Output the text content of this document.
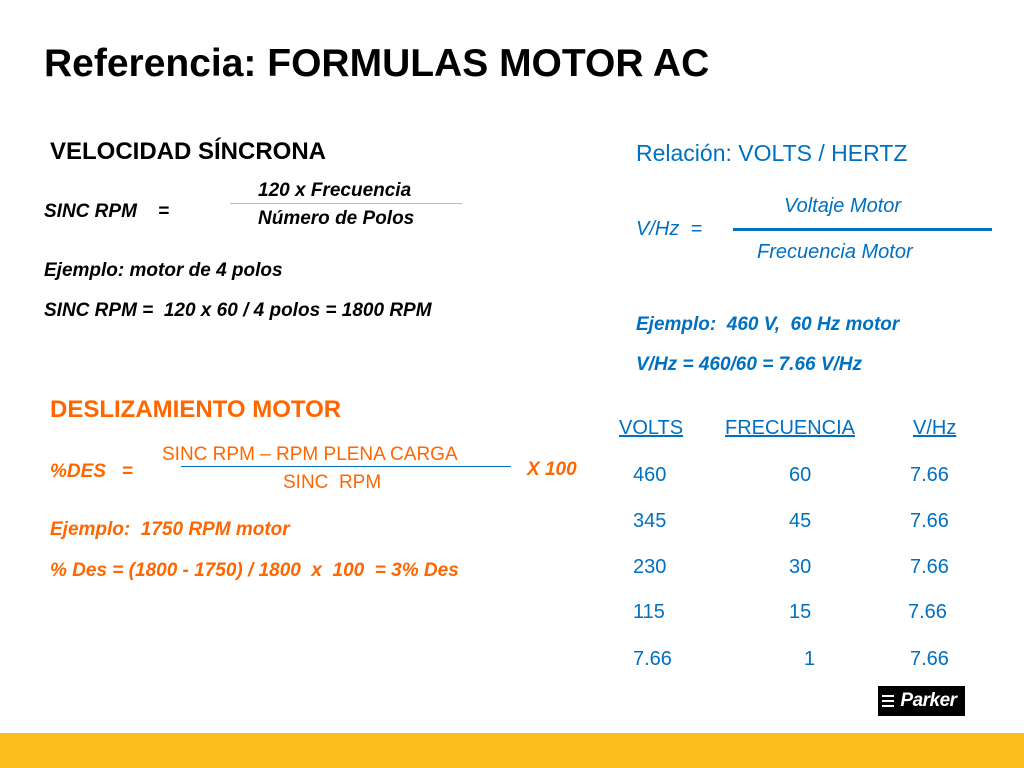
Referencia: FORMULAS MOTOR AC
VELOCIDAD SÍNCRONA
SINC RPM    =
120 x Frecuencia
Número de Polos
Ejemplo: motor de 4 polos
SINC RPM =  120 x 60 / 4 polos = 1800 RPM
Relación: VOLTS / HERTZ
V/Hz  =
Voltaje Motor
Frecuencia Motor
Ejemplo:  460 V,  60 Hz motor
V/Hz = 460/60 = 7.66 V/Hz
DESLIZAMIENTO MOTOR
%DES   =
SINC RPM – RPM PLENA CARGA
SINC  RPM
X 100
Ejemplo:  1750 RPM motor
% Des = (1800 - 1750) / 1800  x  100  = 3% Des
VOLTS FRECUENCIA	V/Hz
460	60	7.66
345	45	7.66
230	30	7.66
115	15	7.66
7.66	1	7.66
Parker
